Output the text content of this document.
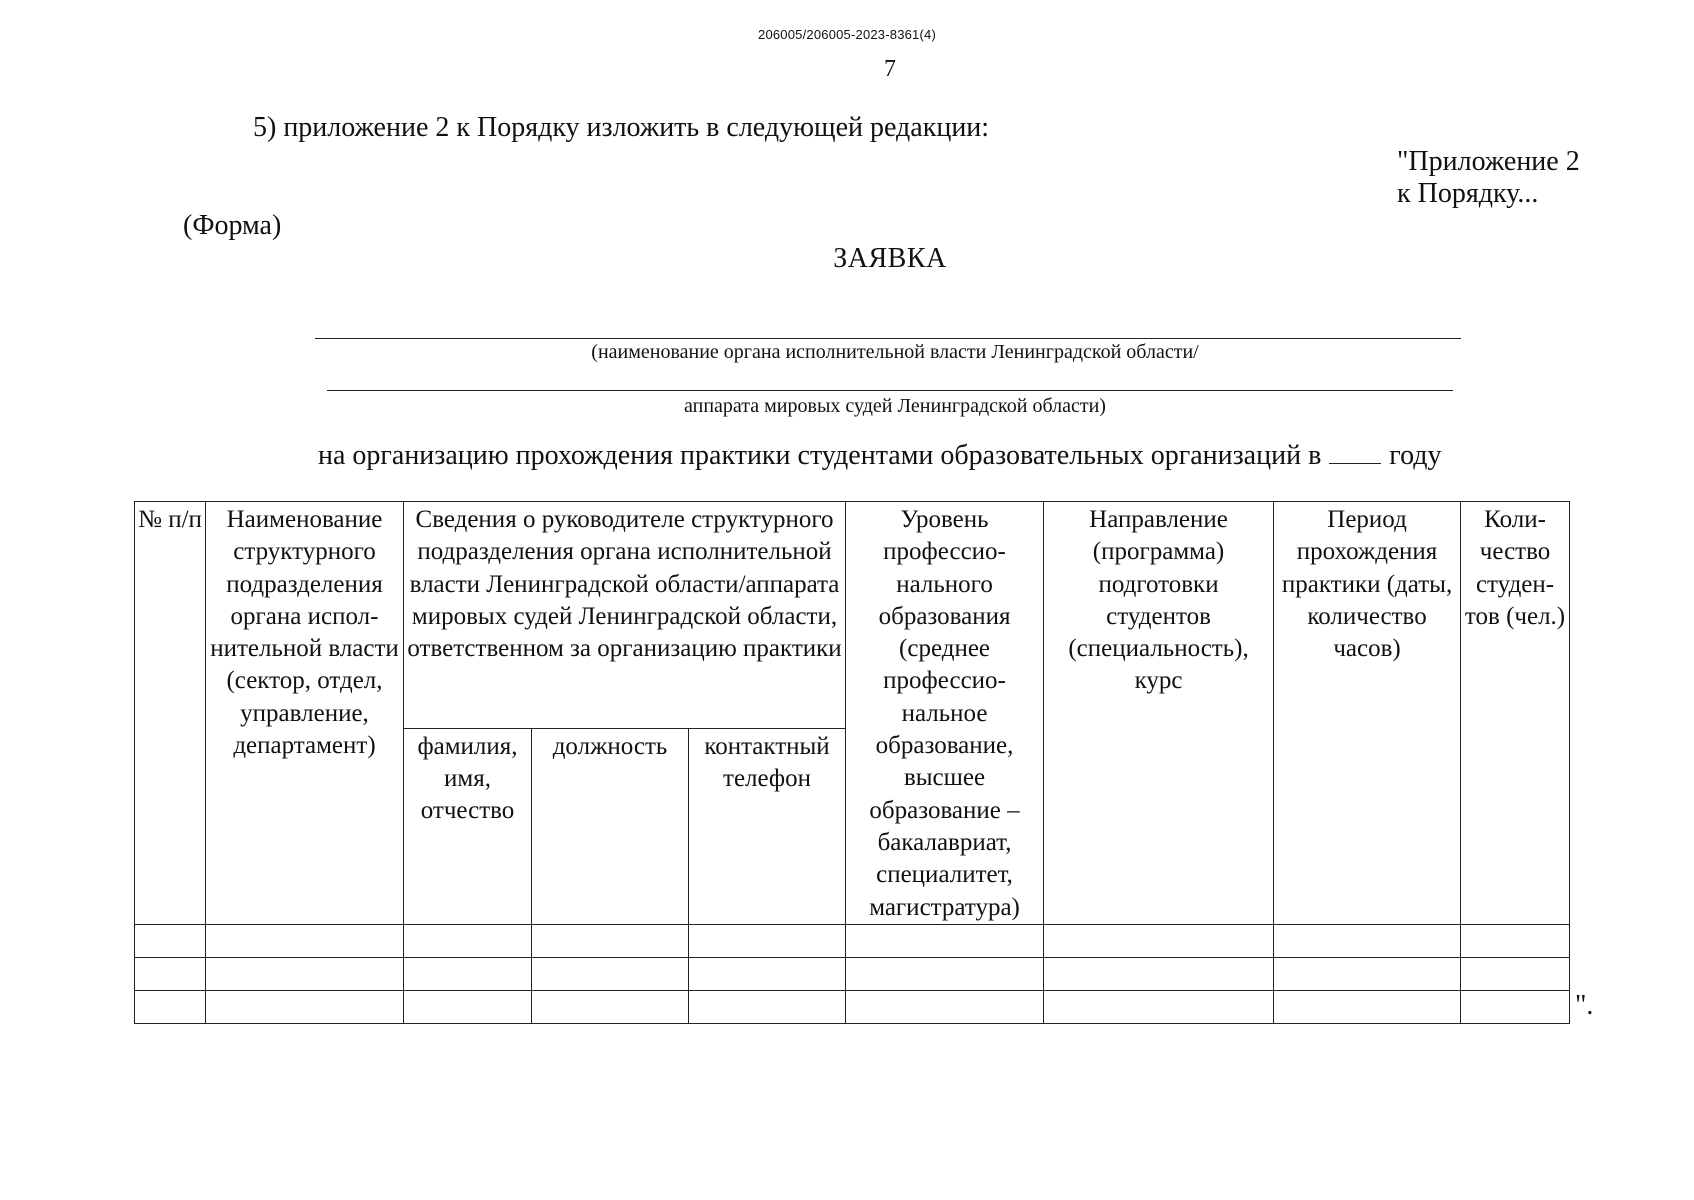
206005/206005-2023-8361(4)
7
5) приложение 2 к Порядку изложить в следующей редакции:
"Приложение 2
к Порядку...
(Форма)
ЗАЯВКА
(наименование органа исполнительной власти Ленинградской области/
аппарата мировых судей Ленинградской области)
на организацию прохождения практики студентами образовательных организаций в году
№ п/п	Наименование структурного подразделения органа испол-нительной власти (сектор, отдел, управление, департамент)	Сведения о руководителе структурного подразделения органа исполнительной власти Ленинградской области/аппарата мировых судей Ленинградской области, ответственном за организацию практики			Уровень профессио-нального образования (среднее профессио-нальное образование, высшее образование – бакалавриат, специалитет, магистратура)	Направление (программа) подготовки студентов (специальность), курс	Период прохождения практики (даты, количество часов)	Коли-чество студен-тов (чел.)
		фамилия, имя, отчество	должность	контактный телефон				

".
